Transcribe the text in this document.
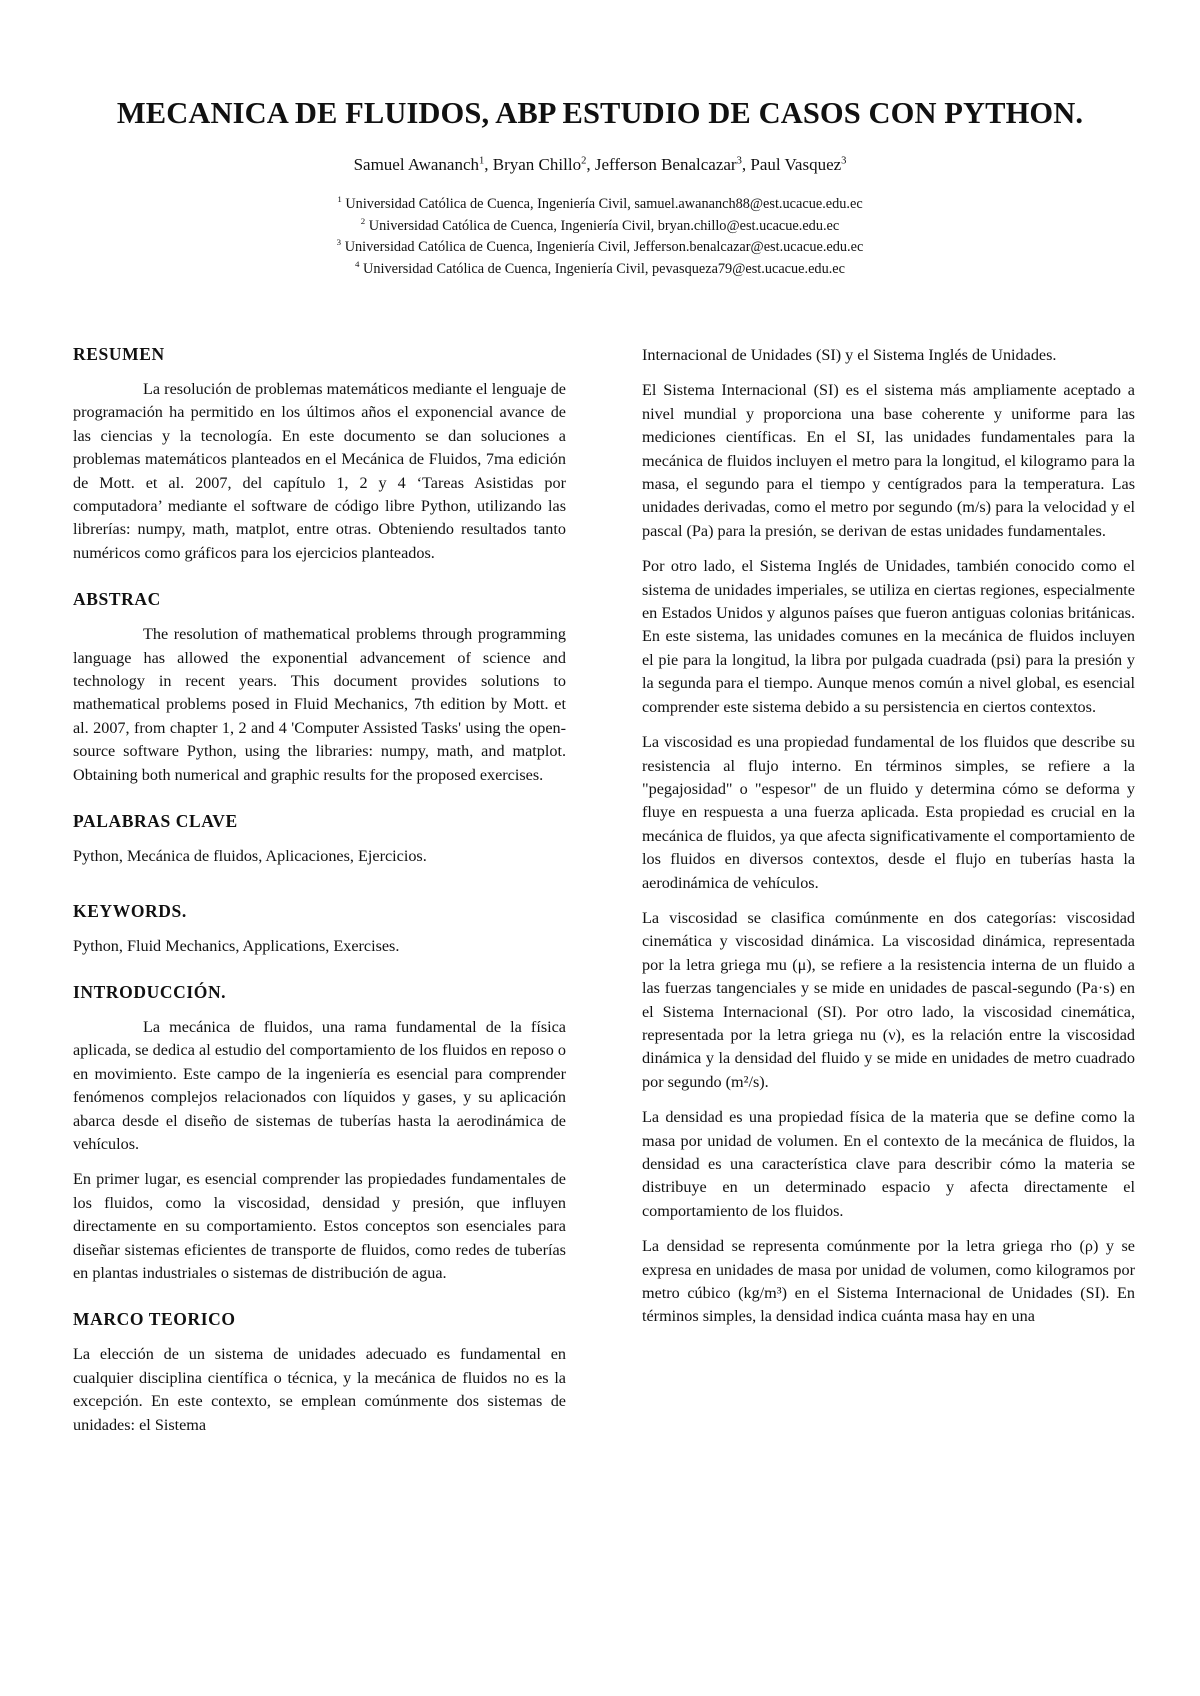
MECANICA DE FLUIDOS, ABP ESTUDIO DE CASOS CON PYTHON.
Samuel Awananch$^1$, Bryan Chillo$^2$, Jefferson Benalcazar$^3$, Paul Vasquez$^3$
$^1$ Universidad Católica de Cuenca, Ingeniería Civil, samuel.awananch88@est.ucacue.edu.ec
$^2$ Universidad Católica de Cuenca, Ingeniería Civil, bryan.chillo@est.ucacue.edu.ec
$^3$ Universidad Católica de Cuenca, Ingeniería Civil, Jefferson.benalcazar@est.ucacue.edu.ec
$^4$ Universidad Católica de Cuenca, Ingeniería Civil, pevasqueza79@est.ucacue.edu.ec
RESUMEN

La resolución de problemas matemáticos mediante el lenguaje de programación ha permitido en los últimos años el exponencial avance de las ciencias y la tecnología. En este documento se dan soluciones a problemas matemáticos planteados en el Mecánica de Fluidos, 7ma edición de Mott. et al. 2007, del capítulo 1, 2 y 4 ‘Tareas Asistidas por computadora’ mediante el software de código libre Python, utilizando las librerías: numpy, math, matplot, entre otras. Obteniendo resultados tanto numéricos como gráficos para los ejercicios planteados.

ABSTRAC

The resolution of mathematical problems through programming language has allowed the exponential advancement of science and technology in recent years. This document provides solutions to mathematical problems posed in Fluid Mechanics, 7th edition by Mott. et al. 2007, from chapter 1, 2 and 4 'Computer Assisted Tasks' using the open-source software Python, using the libraries: numpy, math, and matplot. Obtaining both numerical and graphic results for the proposed exercises.

PALABRAS CLAVE

Python, Mecánica de fluidos, Aplicaciones, Ejercicios.

KEYWORDS.

Python, Fluid Mechanics, Applications, Exercises.

INTRODUCCIÓN.

La mecánica de fluidos, una rama fundamental de la física aplicada, se dedica al estudio del comportamiento de los fluidos en reposo o en movimiento. Este campo de la ingeniería es esencial para comprender fenómenos complejos relacionados con líquidos y gases, y su aplicación abarca desde el diseño de sistemas de tuberías hasta la aerodinámica de vehículos.

En primer lugar, es esencial comprender las propiedades fundamentales de los fluidos, como la viscosidad, densidad y presión, que influyen directamente en su comportamiento. Estos conceptos son esenciales para diseñar sistemas eficientes de transporte de fluidos, como redes de tuberías en plantas industriales o sistemas de distribución de agua.

MARCO TEORICO

La elección de un sistema de unidades adecuado es fundamental en cualquier disciplina científica o técnica, y la mecánica de fluidos no es la excepción. En este contexto, se emplean comúnmente dos sistemas de unidades: el Sistema

Internacional de Unidades (SI) y el Sistema Inglés de Unidades.

El Sistema Internacional (SI) es el sistema más ampliamente aceptado a nivel mundial y proporciona una base coherente y uniforme para las mediciones científicas. En el SI, las unidades fundamentales para la mecánica de fluidos incluyen el metro para la longitud, el kilogramo para la masa, el segundo para el tiempo y centígrados para la temperatura. Las unidades derivadas, como el metro por segundo (m/s) para la velocidad y el pascal (Pa) para la presión, se derivan de estas unidades fundamentales.

Por otro lado, el Sistema Inglés de Unidades, también conocido como el sistema de unidades imperiales, se utiliza en ciertas regiones, especialmente en Estados Unidos y algunos países que fueron antiguas colonias británicas. En este sistema, las unidades comunes en la mecánica de fluidos incluyen el pie para la longitud, la libra por pulgada cuadrada (psi) para la presión y la segunda para el tiempo. Aunque menos común a nivel global, es esencial comprender este sistema debido a su persistencia en ciertos contextos.

La viscosidad es una propiedad fundamental de los fluidos que describe su resistencia al flujo interno. En términos simples, se refiere a la "pegajosidad" o "espesor" de un fluido y determina cómo se deforma y fluye en respuesta a una fuerza aplicada. Esta propiedad es crucial en la mecánica de fluidos, ya que afecta significativamente el comportamiento de los fluidos en diversos contextos, desde el flujo en tuberías hasta la aerodinámica de vehículos.

La viscosidad se clasifica comúnmente en dos categorías: viscosidad cinemática y viscosidad dinámica. La viscosidad dinámica, representada por la letra griega mu (μ), se refiere a la resistencia interna de un fluido a las fuerzas tangenciales y se mide en unidades de pascal-segundo (Pa·s) en el Sistema Internacional (SI). Por otro lado, la viscosidad cinemática, representada por la letra griega nu (ν), es la relación entre la viscosidad dinámica y la densidad del fluido y se mide en unidades de metro cuadrado por segundo (m²/s).

La densidad es una propiedad física de la materia que se define como la masa por unidad de volumen. En el contexto de la mecánica de fluidos, la densidad es una característica clave para describir cómo la materia se distribuye en un determinado espacio y afecta directamente el comportamiento de los fluidos.

La densidad se representa comúnmente por la letra griega rho (ρ) y se expresa en unidades de masa por unidad de volumen, como kilogramos por metro cúbico (kg/m³) en el Sistema Internacional de Unidades (SI). En términos simples, la densidad indica cuánta masa hay en una
